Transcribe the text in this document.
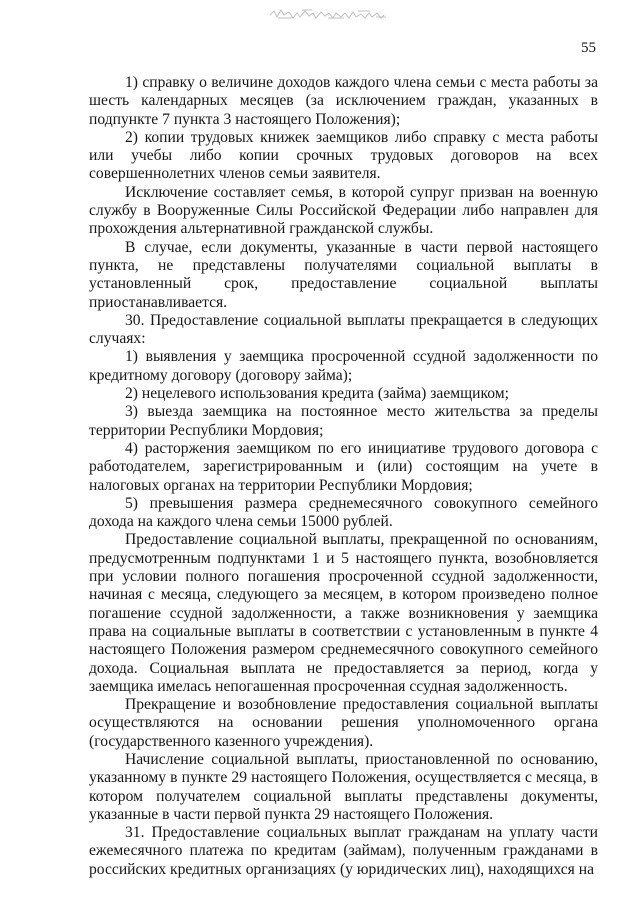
55

1) справку о величине доходов каждого члена семьи с места работы за шесть календарных месяцев (за исключением граждан, указанных в подпункте 7 пункта 3 настоящего Положения);

2) копии трудовых книжек заемщиков либо справку с места работы или учебы либо копии срочных трудовых договоров на всех совершеннолетних членов семьи заявителя.

Исключение составляет семья, в которой супруг призван на военную службу в Вооруженные Силы Российской Федерации либо направлен для прохождения альтернативной гражданской службы.

В случае, если документы, указанные в части первой настоящего пункта, не представлены получателями социальной выплаты в установленный срок, предоставление социальной выплаты приостанавливается.

30. Предоставление социальной выплаты прекращается в следующих случаях:

1) выявления у заемщика просроченной ссудной задолженности по кредитному договору (договору займа);

2) нецелевого использования кредита (займа) заемщиком;

3) выезда заемщика на постоянное место жительства за пределы территории Республики Мордовия;

4) расторжения заемщиком по его инициативе трудового договора с работодателем, зарегистрированным и (или) состоящим на учете в налоговых органах на территории Республики Мордовия;

5) превышения размера среднемесячного совокупного семейного дохода на каждого члена семьи 15000 рублей.

Предоставление социальной выплаты, прекращенной по основаниям, предусмотренным подпунктами 1 и 5 настоящего пункта, возобновляется при условии полного погашения просроченной ссудной задолженности, начиная с месяца, следующего за месяцем, в котором произведено полное погашение ссудной задолженности, а также возникновения у заемщика права на социальные выплаты в соответствии с установленным в пункте 4 настоящего Положения размером среднемесячного совокупного семейного дохода. Социальная выплата не предоставляется за период, когда у заемщика имелась непогашенная просроченная ссудная задолженность.

Прекращение и возобновление предоставления социальной выплаты осуществляются на основании решения уполномоченного органа (государственного казенного учреждения).

Начисление социальной выплаты, приостановленной по основанию, указанному в пункте 29 настоящего Положения, осуществляется с месяца, в котором получателем социальной выплаты представлены документы, указанные в части первой пункта 29 настоящего Положения.

31. Предоставление социальных выплат гражданам на уплату части ежемесячного платежа по кредитам (займам), полученным гражданами в российских кредитных организациях (у юридических лиц), находящихся на
